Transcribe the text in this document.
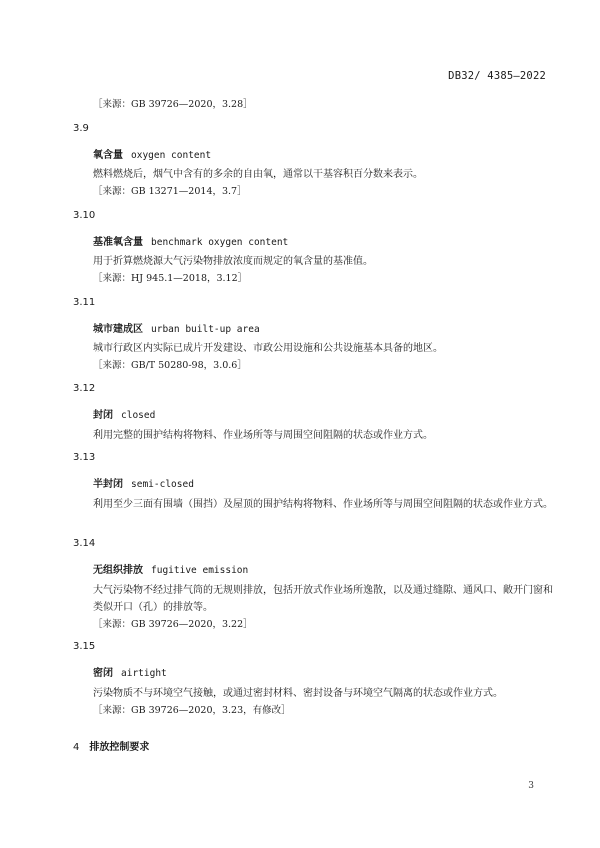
DB32/ 4385—2022
［来源：GB 39726—2020，3.28］
3.9
氧含量 oxygen content
燃料燃烧后，烟气中含有的多余的自由氧，通常以干基容积百分数来表示。
［来源：GB 13271—2014，3.7］
3.10
基准氧含量 benchmark oxygen content
用于折算燃烧源大气污染物排放浓度而规定的氧含量的基准值。
［来源：HJ 945.1—2018，3.12］
3.11
城市建成区 urban built-up area
城市行政区内实际已成片开发建设、市政公用设施和公共设施基本具备的地区。
［来源：GB/T 50280-98，3.0.6］
3.12
封闭 closed
利用完整的围护结构将物料、作业场所等与周围空间阻隔的状态或作业方式。
3.13
半封闭 semi-closed
利用至少三面有围墙（围挡）及屋顶的围护结构将物料、作业场所等与周围空间阻隔的状态或作业方式。
3.14
无组织排放 fugitive emission
大气污染物不经过排气筒的无规则排放，包括开放式作业场所逸散，以及通过缝隙、通风口、敞开门窗和类似开口（孔）的排放等。
［来源：GB 39726—2020，3.22］
3.15
密闭 airtight
污染物质不与环境空气接触，或通过密封材料、密封设备与环境空气隔离的状态或作业方式。
［来源：GB 39726—2020，3.23，有修改］
4 排放控制要求
3
